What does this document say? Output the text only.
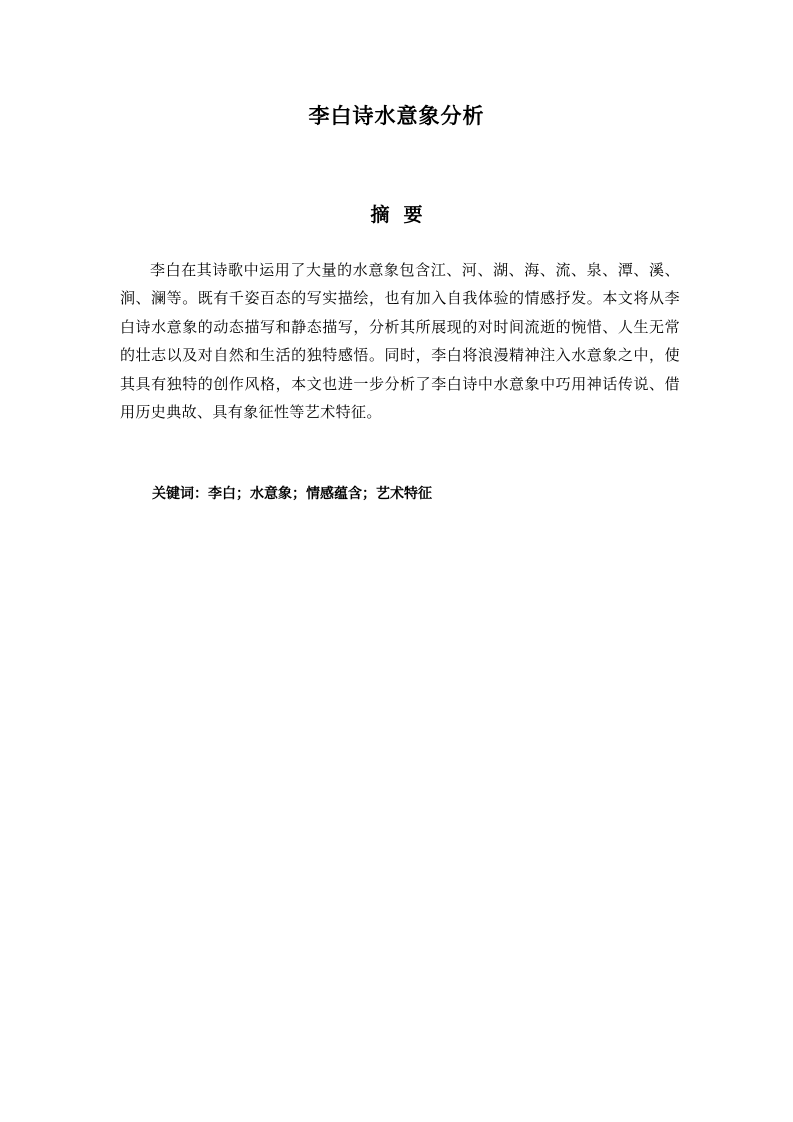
李白诗水意象分析
摘要

李白在其诗歌中运用了大量的水意象包含江、河、湖、海、流、泉、潭、溪、涧、澜等。既有千姿百态的写实描绘，也有加入自我体验的情感抒发。本文将从李白诗水意象的动态描写和静态描写，分析其所展现的对时间流逝的惋惜、人生无常的壮志以及对自然和生活的独特感悟。同时，李白将浪漫精神注入水意象之中，使其具有独特的创作风格，本文也进一步分析了李白诗中水意象中巧用神话传说、借用历史典故、具有象征性等艺术特征。

关键词：李白；水意象；情感蕴含；艺术特征
